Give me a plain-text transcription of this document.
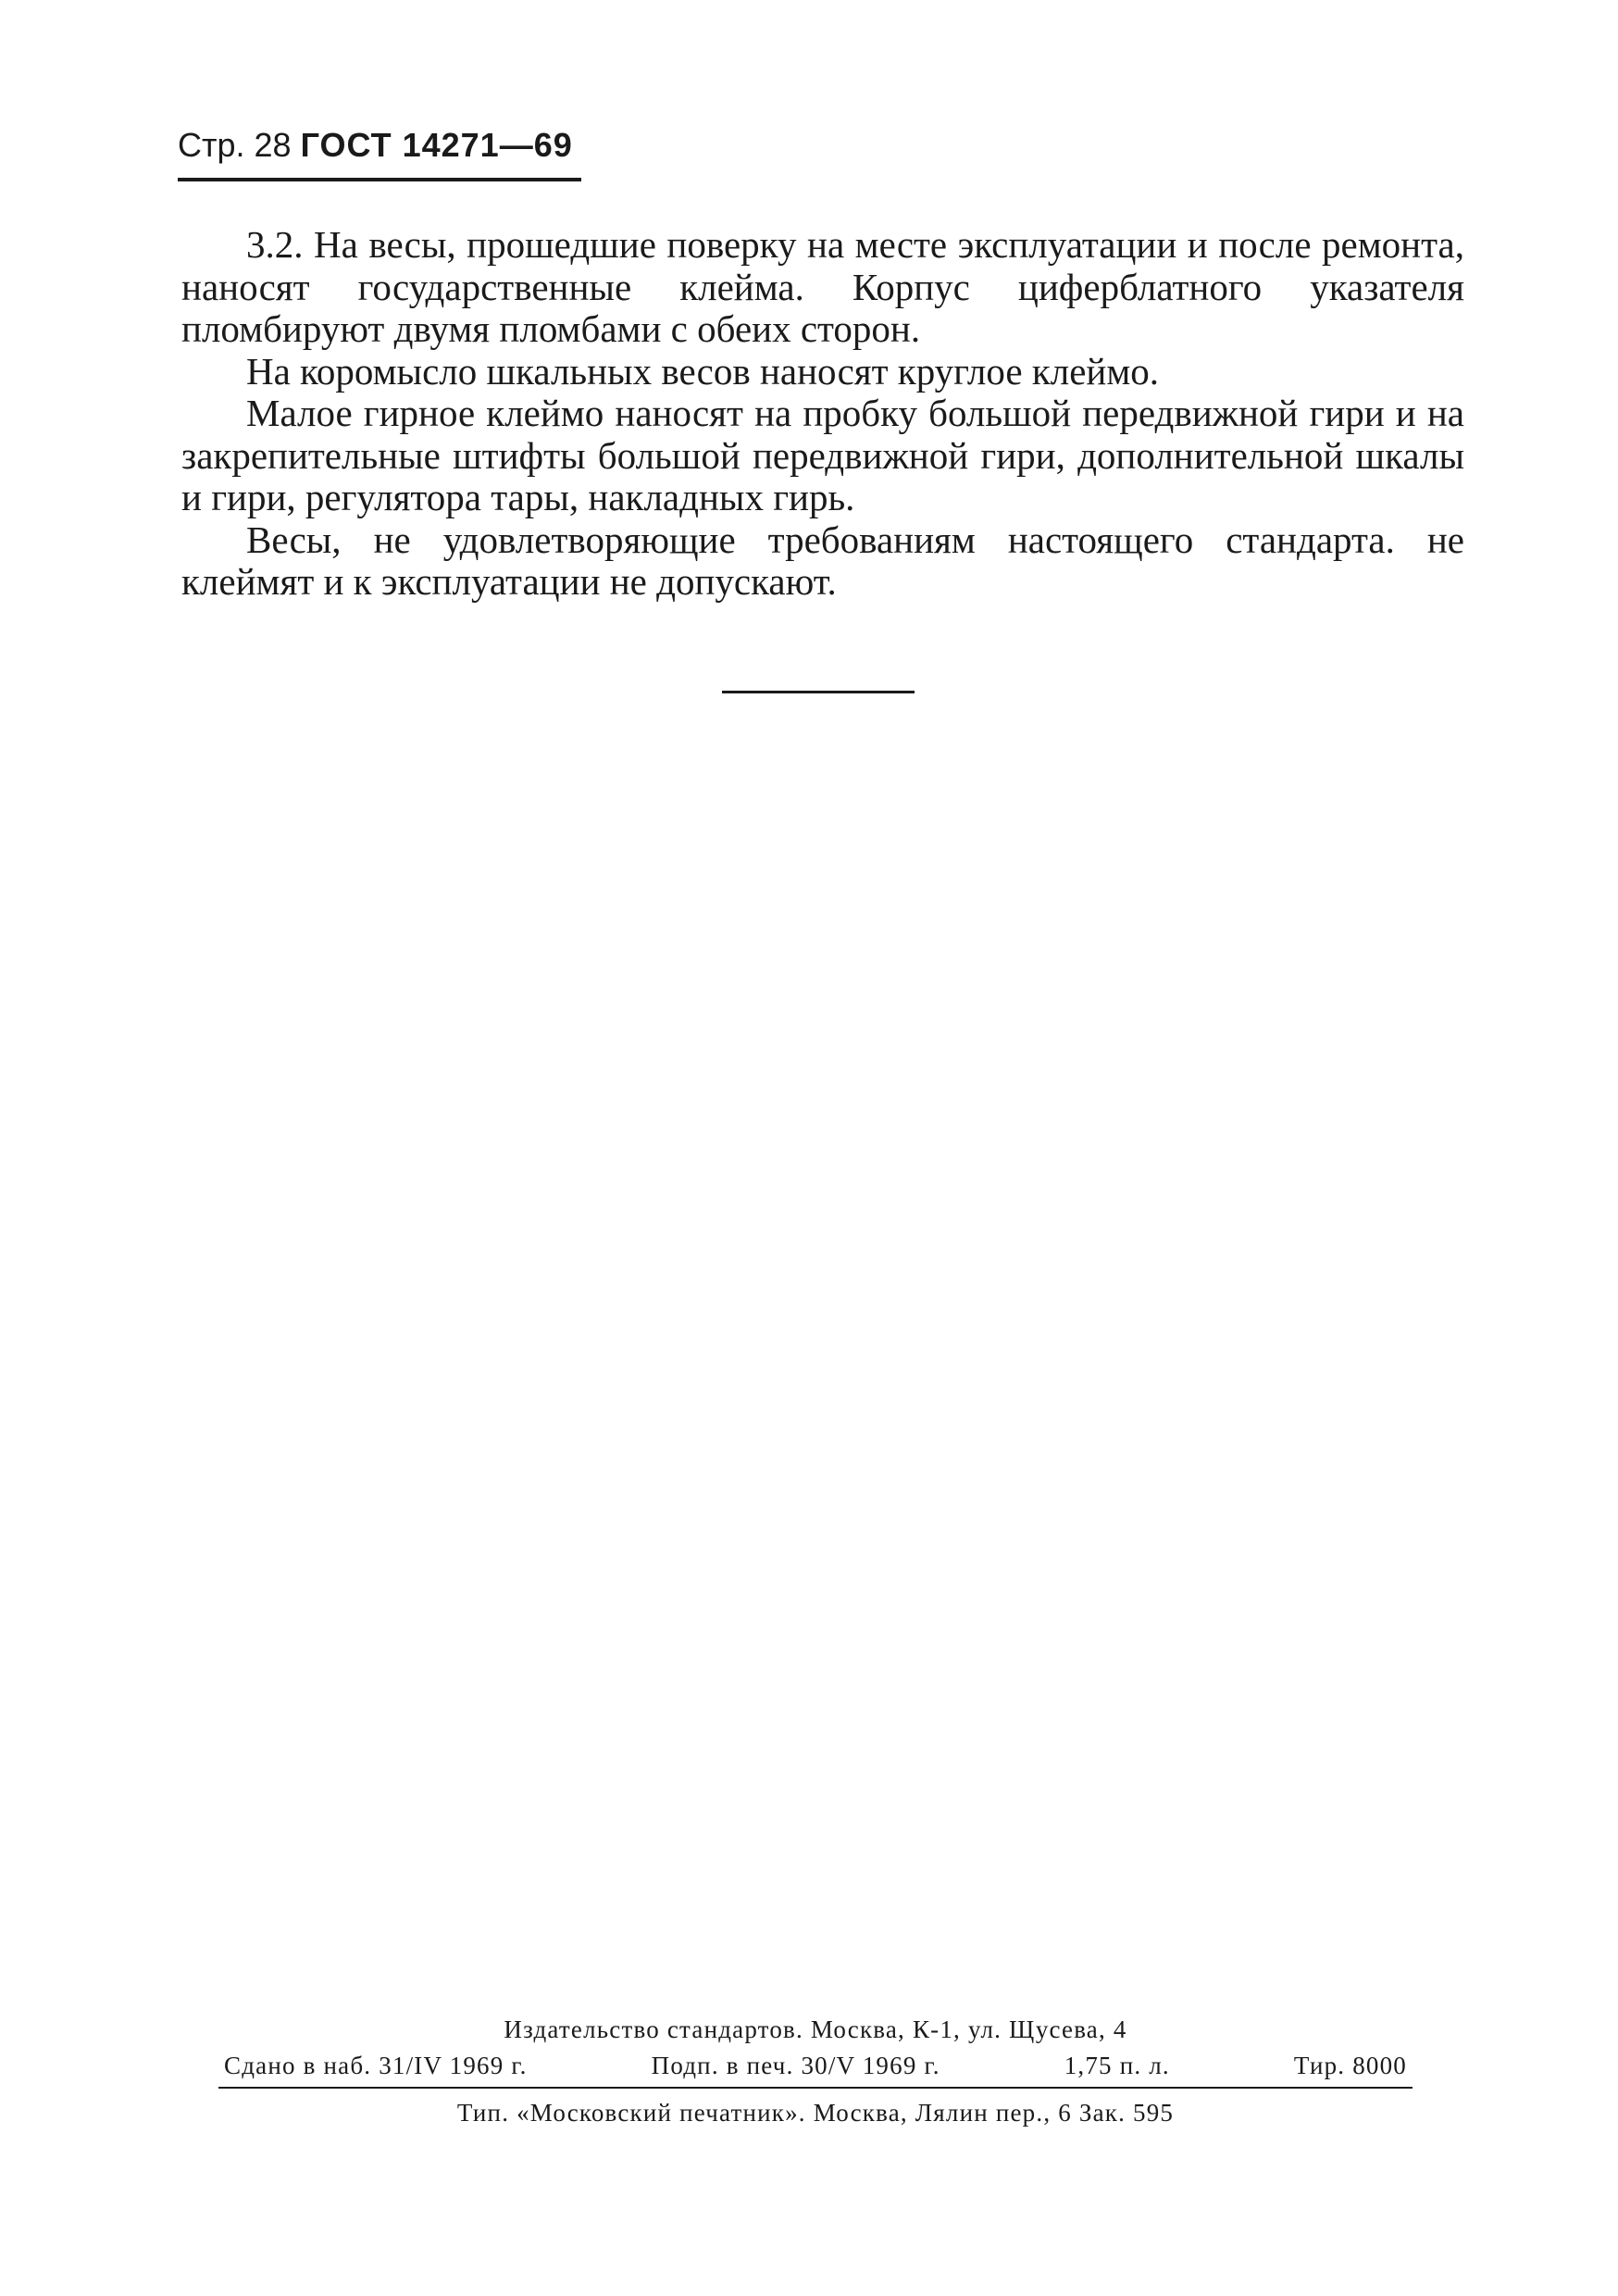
Стр. 28 ГОСТ 14271—69

3.2. На весы, прошедшие поверку на месте эксплуатации и после ремонта, наносят государственные клейма. Корпус циферблатного указателя пломбируют двумя пломбами с обеих сторон.

На коромысло шкальных весов наносят круглое клеймо.

Малое гирное клеймо наносят на пробку большой передвижной гири и на закрепительные штифты большой передвижной гири, дополнительной шкалы и гири, регулятора тары, накладных гирь.

Весы, не удовлетворяющие требованиям настоящего стандарта. не клеймят и к эксплуатации не допускают.

Издательство стандартов. Москва, К-1, ул. Щусева, 4
Сдано в наб. 31/IV 1969 г.	Подп. в печ. 30/V 1969 г.	1,75 п. л.	Тир. 8000
Тип. «Московский печатник». Москва, Лялин пер., 6 Зак. 595
